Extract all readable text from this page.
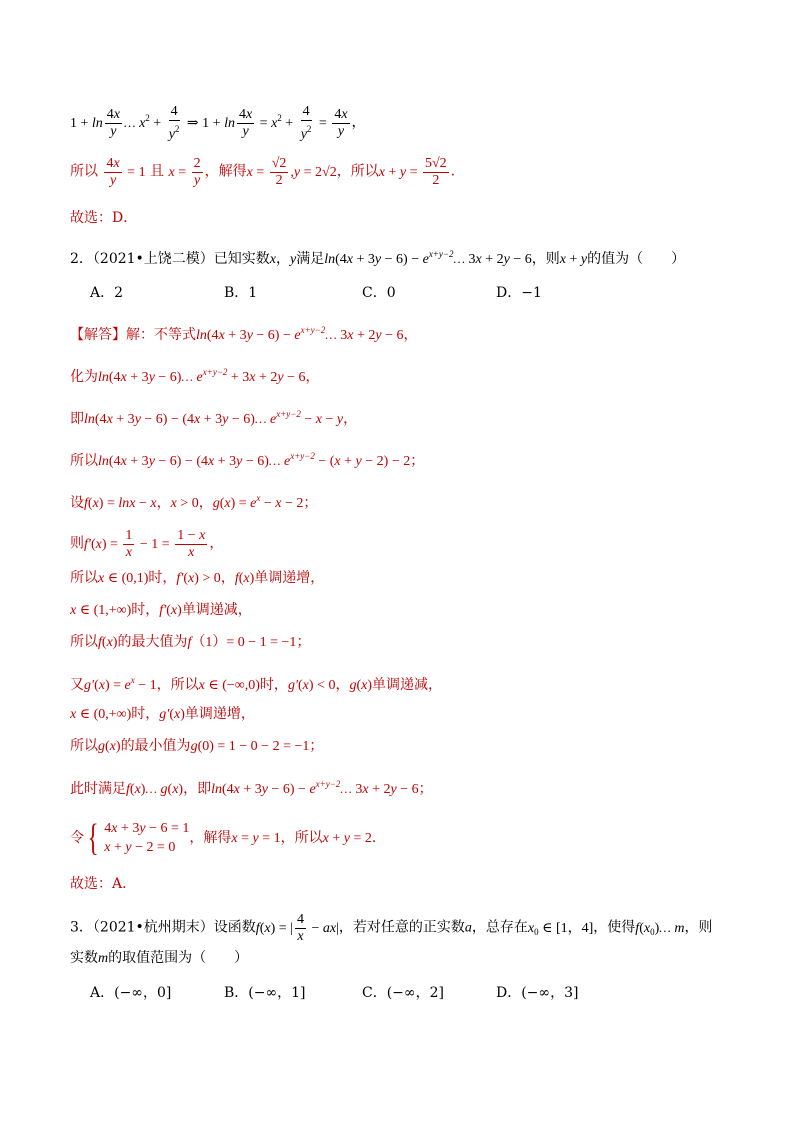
$1 + \ln \frac{4x}{y}$ … $x^2 + \frac{4}{y^2}$ ⇒ $1 + \ln \frac{4x}{y} = x^2 + \frac{4}{y^2} = \frac{4x}{y}$ ，
所以 $\frac{4x}{y} = 1$ 且 $x = \frac{2}{y}$ ，解得$x = \frac{√2}{2} ,y = 2√2$，所以$x + y = \frac{5√2}{2}$ .
故选：D．
2．（2021•上饶二模）已知实数x，y满足$\ln(4x + 3y - 6) - e^{x+y-2}\dots$ 3x + 2y − 6，则x + y的值为（　　）
A．2	B．1	C．0	D．−1
【解答】解：不等式$\ln(4x + 3y - 6) - e^{x+y-2}\dots$ 3x + 2y − 6，
化为ln(4x + 3y − 6)… $e^{x+y-2} + 3x + 2y - 6$，
即ln(4x + 3y − 6) − (4x + 3y − 6)… $e^{x+y-2} - x - y$，
所以ln(4x + 3y − 6) − (4x + 3y − 6)… $e^{x+y-2} - (x + y - 2) - 2$；
设f(x) = lnx − x，x > 0，$g(x) = e^x - x - 2$；
则$f'(x) = \frac{1}{x} - 1 = \frac{1 - x}{x}$ ，
所以x ∈ (0,1)时，f′(x) > 0，f(x)单调递增，
x ∈ (1,+∞)时，f′(x)单调递减，
所以f(x)的最大值为f（1）= 0 − 1 = −1；
又$g'(x) = e^x - 1$，所以x ∈ (−∞,0)时，g′(x) < 0，g(x)单调递减，
x ∈ (0,+∞)时，g′(x)单调递增，
所以g(x)的最小值为g(0) = 1 − 0 − 2 = −1；
此时满足f(x)… g(x)，即$\ln(4x + 3y - 6) - e^{x+y-2}\dots$ 3x + 2y − 6；
令 { 4x + 3y − 6 = 1
x + y − 2 = 0
，解得x = y = 1，所以x + y = 2．
故选：A．
3．（2021•杭州期末）设函数f(x) = | $\frac{4}{x} - ax|$，若对任意的正实数a，总存在$x_0$ ∈ [1，4]，使得$f(x_0)\dots$ m，则
实数m的取值范围为（　　）
A．(−∞，0]	B．(−∞，1]	C．(−∞，2]	D．(−∞，3]
